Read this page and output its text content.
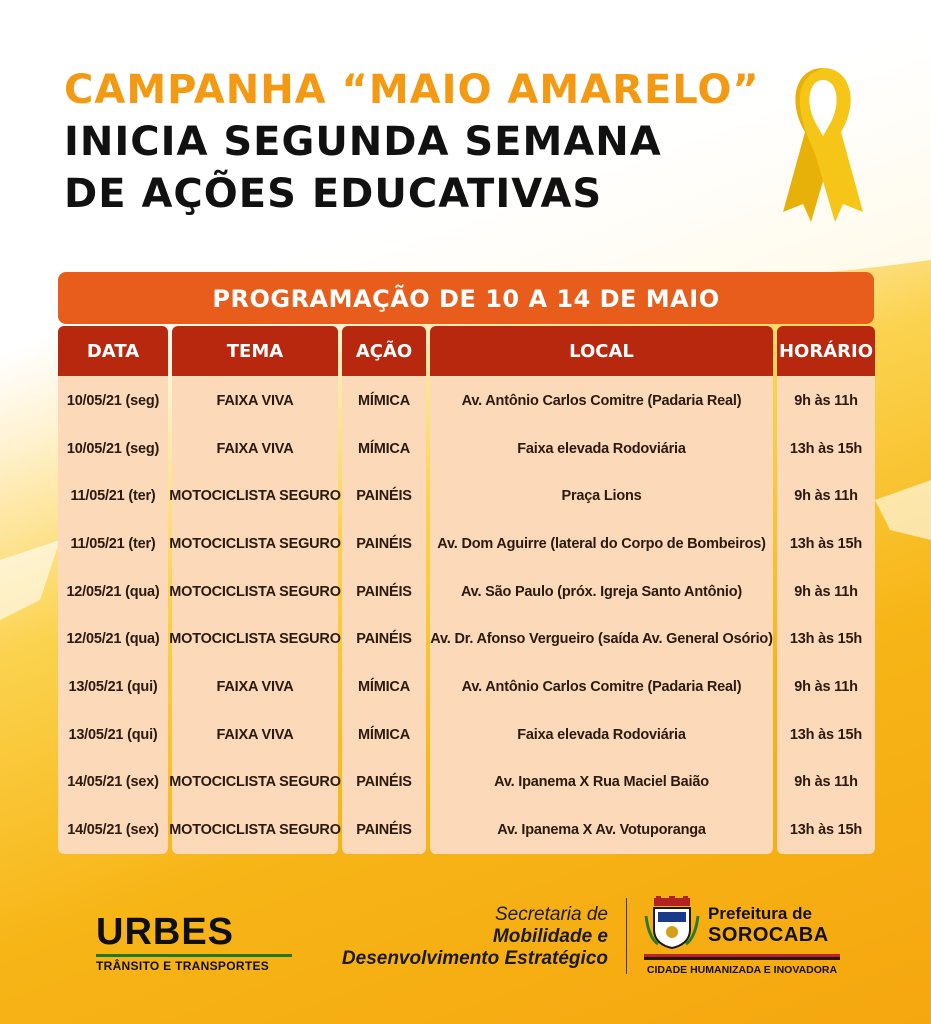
CAMPANHA “MAIO AMARELO”
INICIA SEGUNDA SEMANA
DE AÇÕES EDUCATIVAS
PROGRAMAÇÃO DE 10 A 14 DE MAIO
DATA
10/05/21 (seg)
10/05/21 (seg)
11/05/21 (ter)
11/05/21 (ter)
12/05/21 (qua)
12/05/21 (qua)
13/05/21 (qui)
13/05/21 (qui)
14/05/21 (sex)
14/05/21 (sex)
TEMA
FAIXA VIVA
FAIXA VIVA
MOTOCICLISTA SEGURO
MOTOCICLISTA SEGURO
MOTOCICLISTA SEGURO
MOTOCICLISTA SEGURO
FAIXA VIVA
FAIXA VIVA
MOTOCICLISTA SEGURO
MOTOCICLISTA SEGURO
AÇÃO
MÍMICA
MÍMICA
PAINÉIS
PAINÉIS
PAINÉIS
PAINÉIS
MÍMICA
MÍMICA
PAINÉIS
PAINÉIS
LOCAL
Av. Antônio Carlos Comitre (Padaria Real)
Faixa elevada Rodoviária
Praça Lions
Av. Dom Aguirre (lateral do Corpo de Bombeiros)
Av. São Paulo (próx. Igreja Santo Antônio)
Av. Dr. Afonso Vergueiro (saída Av. General Osório)
Av. Antônio Carlos Comitre (Padaria Real)
Faixa elevada Rodoviária
Av. Ipanema X Rua Maciel Baião
Av. Ipanema X Av. Votuporanga
HORÁRIO
9h às 11h
13h às 15h
9h às 11h
13h às 15h
9h às 11h
13h às 15h
9h às 11h
13h às 15h
9h às 11h
13h às 15h
URBES
TRÂNSITO E TRANSPORTES
Secretaria de
Mobilidade e
Desenvolvimento Estratégico
Prefeitura de
SOROCABA
CIDADE HUMANIZADA E INOVADORA
